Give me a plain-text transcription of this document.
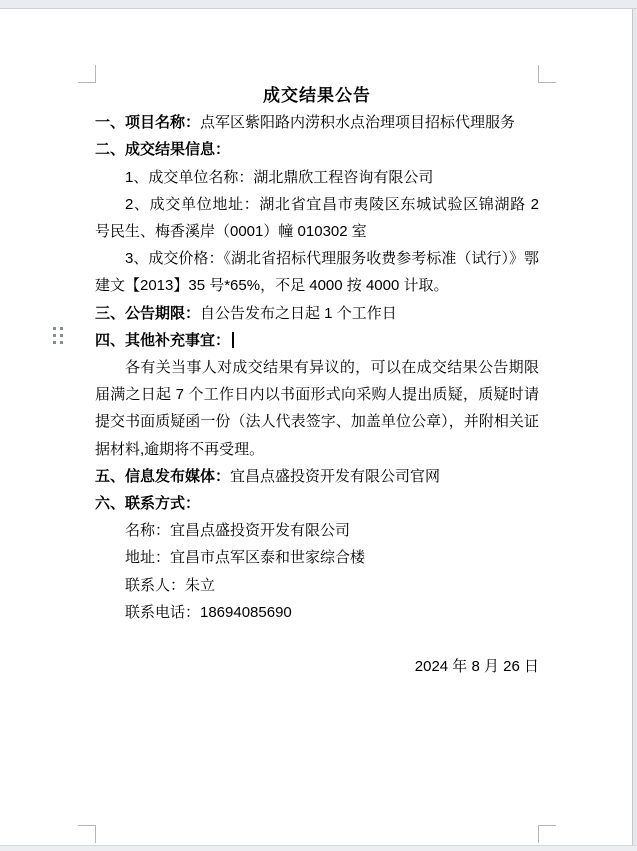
成交结果公告
一、项目名称：点军区紫阳路内涝积水点治理项目招标代理服务
二、成交结果信息：
1、成交单位名称：湖北鼎欣工程咨询有限公司
2、成交单位地址：湖北省宜昌市夷陵区东城试验区锦湖路 2 号民生、梅香溪岸（0001）幢 010302 室
3、成交价格：《湖北省招标代理服务收费参考标准（试行）》鄂建文【2013】35 号*65%，不足 4000 按 4000 计取。
三、公告期限：自公告发布之日起 1 个工作日
四、其他补充事宜：
各有关当事人对成交结果有异议的，可以在成交结果公告期限届满之日起 7 个工作日内以书面形式向采购人提出质疑，质疑时请提交书面质疑函一份（法人代表签字、加盖单位公章），并附相关证据材料,逾期将不再受理。
五、信息发布媒体：宜昌点盛投资开发有限公司官网
六、联系方式：
名称：宜昌点盛投资开发有限公司
地址：宜昌市点军区泰和世家综合楼
联系人：朱立
联系电话：18694085690
2024 年 8 月 26 日
